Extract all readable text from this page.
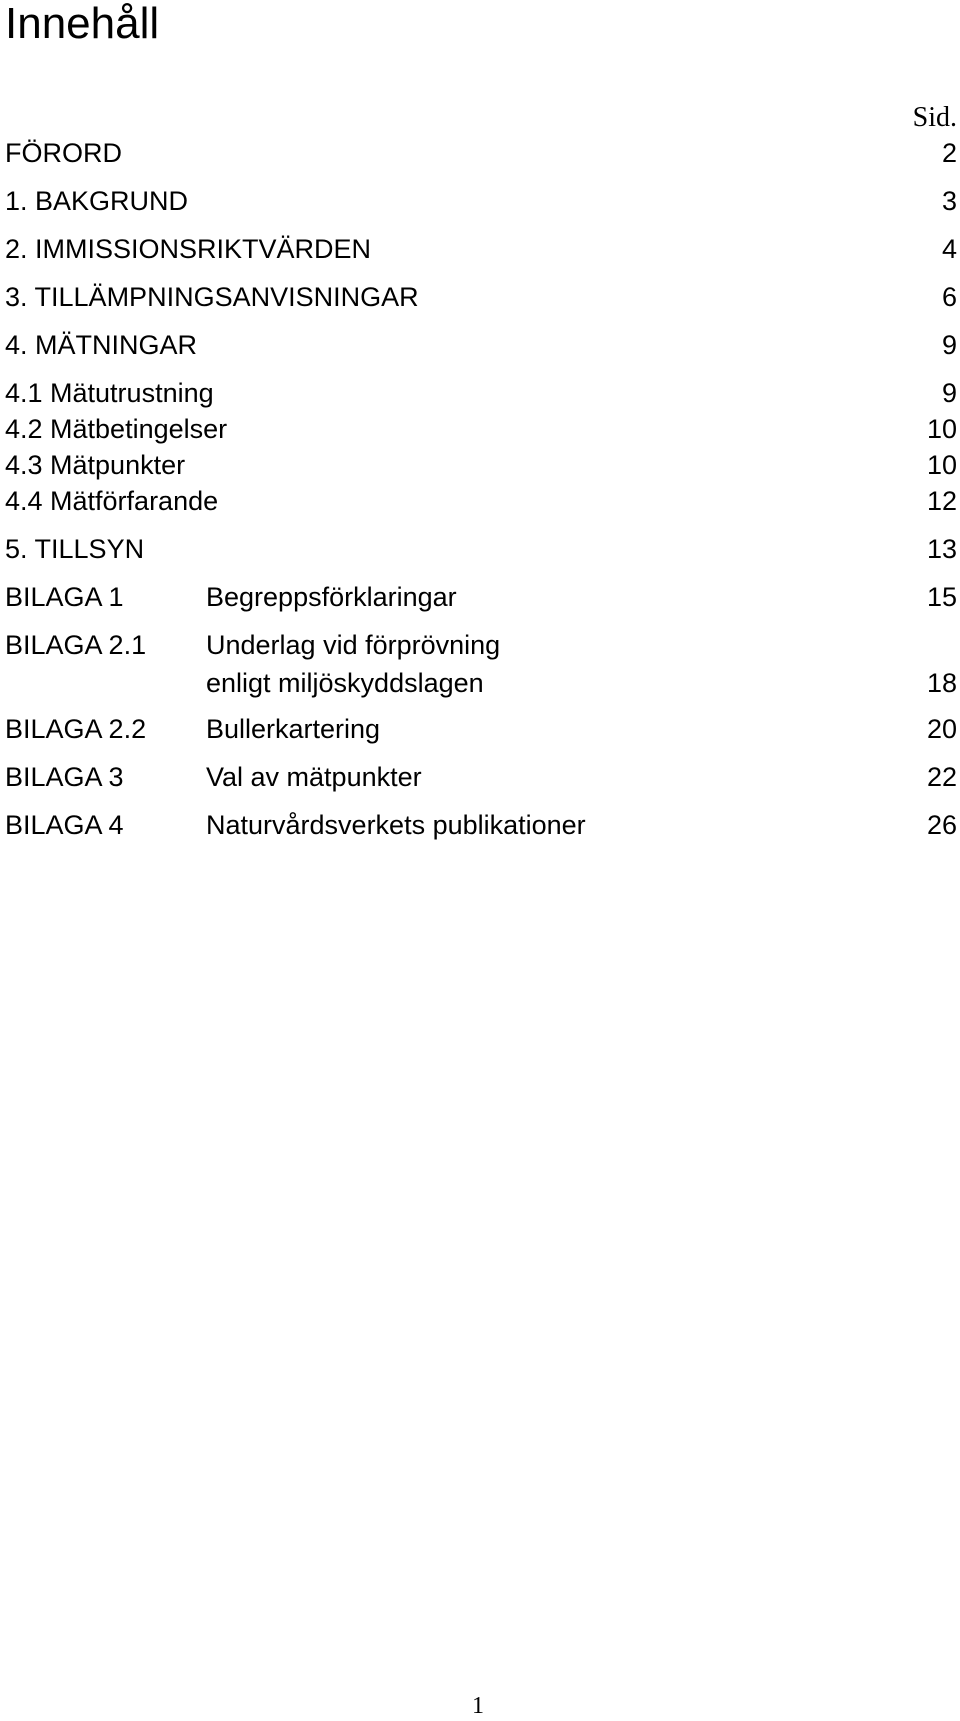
Innehåll
Sid.
FÖRORD	2
1. BAKGRUND	3
2. IMMISSIONSRIKTVÄRDEN	4
3. TILLÄMPNINGSANVISNINGAR	6
4. MÄTNINGAR	9
4.1 Mätutrustning	9
4.2 Mätbetingelser	10
4.3 Mätpunkter	10
4.4 Mätförfarande	12
5. TILLSYN	13
BILAGA 1	Begreppsförklaringar	15
BILAGA 2.1 Underlag vid förprövning
enligt miljöskyddslagen	18
BILAGA 2.2 Bullerkartering	20
BILAGA 3	Val av mätpunkter	22
BILAGA 4	Naturvårdsverkets publikationer	26
1
